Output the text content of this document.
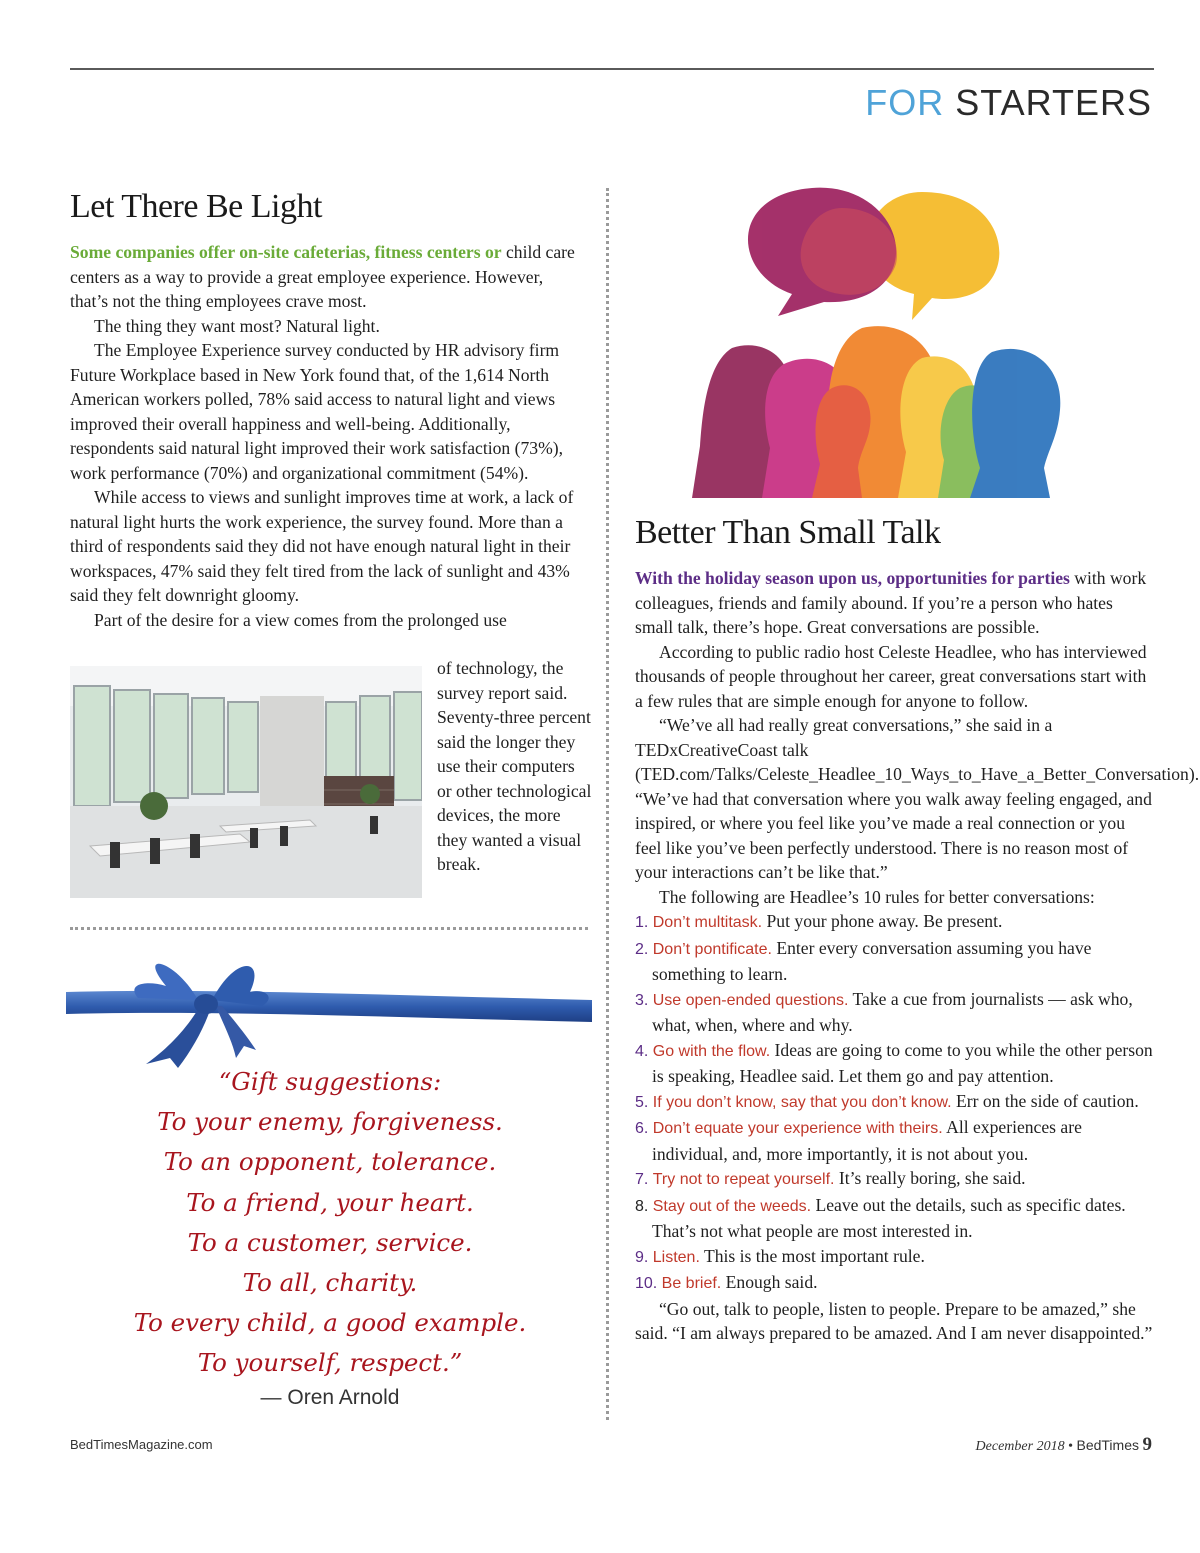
FOR STARTERS
Let There Be Light

Some companies offer on-site cafeterias, fitness centers or child care centers as a way to provide a great employee experience. However, that’s not the thing employees crave most.

The thing they want most? Natural light.

The Employee Experience survey conducted by HR advisory firm Future Workplace based in New York found that, of the 1,614 North American workers polled, 78% said access to natural light and views improved their overall happiness and well-being. Additionally, respondents said natural light improved their work satisfaction (73%), work performance (70%) and organizational commitment (54%).

While access to views and sunlight improves time at work, a lack of natural light hurts the work experience, the survey found. More than a third of respondents said they did not have enough natural light in their workspaces, 47% said they felt tired from the lack of sunlight and 43% said they felt downright gloomy.

Part of the desire for a view comes from the prolonged use

of technology, the survey report said. Seventy-three percent said the longer they use their computers or other technological devices, the more they wanted a visual break.

“Gift suggestions:
To your enemy, forgiveness.
To an opponent, tolerance.
To a friend, your heart.
To a customer, service.
To all, charity.
To every child, a good example.
To yourself, respect.”
— Oren Arnold
Better Than Small Talk

With the holiday season upon us, opportunities for parties with work colleagues, friends and family abound. If you’re a person who hates small talk, there’s hope. Great conversations are possible.

According to public radio host Celeste Headlee, who has interviewed thousands of people throughout her career, great conversations start with a few rules that are simple enough for anyone to follow.

“We’ve all had really great conversations,” she said in a TEDxCreativeCoast talk (TED.com/Talks/Celeste_Headlee_10_Ways_to_Have_a_Better_Conversation). “We’ve had that conversation where you walk away feeling engaged, and inspired, or where you feel like you’ve made a real connection or you feel like you’ve been perfectly understood. There is no reason most of your interactions can’t be like that.”

The following are Headlee’s 10 rules for better conversations:

1. Don’t multitask. Put your phone away. Be present.
2. Don’t pontificate. Enter every conversation assuming you have something to learn.
3. Use open-ended questions. Take a cue from journalists — ask who, what, when, where and why.
4. Go with the flow. Ideas are going to come to you while the other person is speaking, Headlee said. Let them go and pay attention.
5. If you don’t know, say that you don’t know. Err on the side of caution.
6. Don’t equate your experience with theirs. All experiences are individual, and, more importantly, it is not about you.
7. Try not to repeat yourself. It’s really boring, she said.
8. Stay out of the weeds. Leave out the details, such as specific dates. That’s not what people are most interested in.
9. Listen. This is the most important rule.
10. Be brief. Enough said.

“Go out, talk to people, listen to people. Prepare to be amazed,” she said. “I am always prepared to be amazed. And I am never disappointed.”

BedTimesMagazine.com	December 2018 • BedTimes 9
